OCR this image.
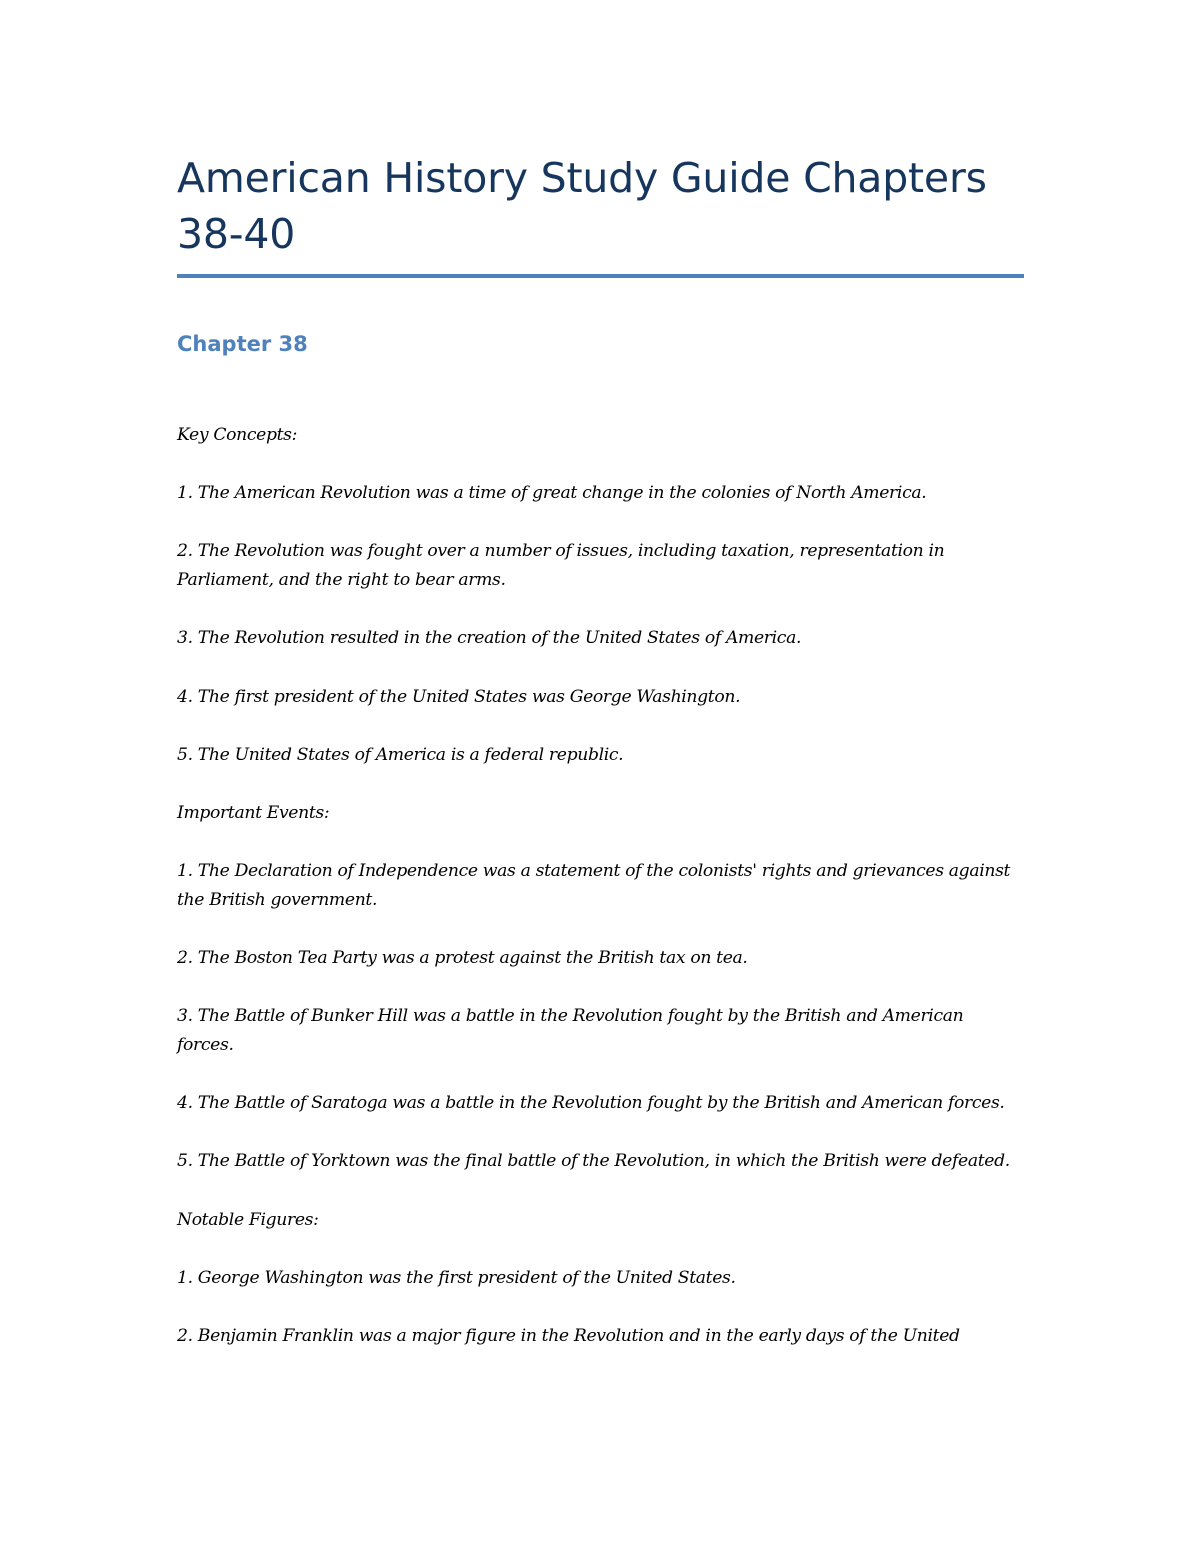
American History Study Guide Chapters 38-40
Chapter 38

Key Concepts:

1. The American Revolution was a time of great change in the colonies of North America.

2. The Revolution was fought over a number of issues, including taxation, representation in Parliament, and the right to bear arms.

3. The Revolution resulted in the creation of the United States of America.

4. The first president of the United States was George Washington.

5. The United States of America is a federal republic.

Important Events:

1. The Declaration of Independence was a statement of the colonists' rights and grievances against the British government.

2. The Boston Tea Party was a protest against the British tax on tea.

3. The Battle of Bunker Hill was a battle in the Revolution fought by the British and American forces.

4. The Battle of Saratoga was a battle in the Revolution fought by the British and American forces.

5. The Battle of Yorktown was the final battle of the Revolution, in which the British were defeated.

Notable Figures:

1. George Washington was the first president of the United States.

2. Benjamin Franklin was a major figure in the Revolution and in the early days of the United
